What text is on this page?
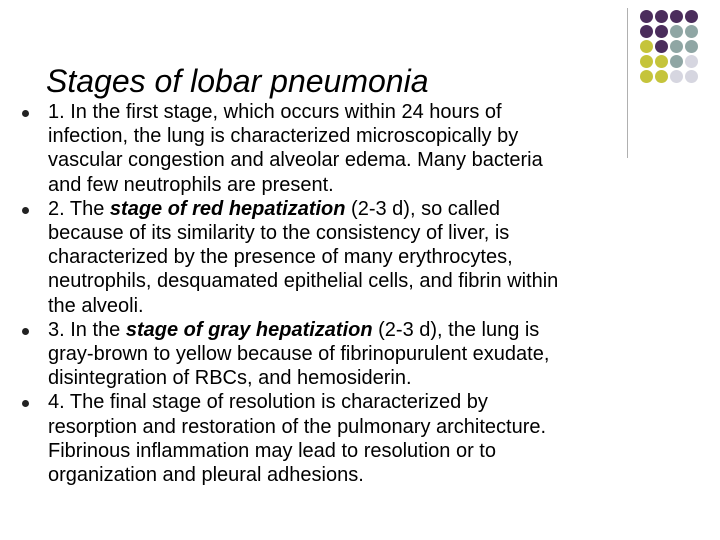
Stages of lobar pneumonia
1. In the first stage, which occurs within 24 hours of
infection, the lung is characterized microscopically by
vascular congestion and alveolar edema. Many bacteria
and few neutrophils are present.
2. The stage of red hepatization (2-3 d), so called
because of its similarity to the consistency of liver, is
characterized by the presence of many erythrocytes,
neutrophils, desquamated epithelial cells, and fibrin within
the alveoli.
3. In the stage of gray hepatization (2-3 d), the lung is
gray-brown to yellow because of fibrinopurulent exudate,
disintegration of RBCs, and hemosiderin.
4. The final stage of resolution is characterized by
resorption and restoration of the pulmonary architecture.
Fibrinous inflammation may lead to resolution or to
organization and pleural adhesions.
